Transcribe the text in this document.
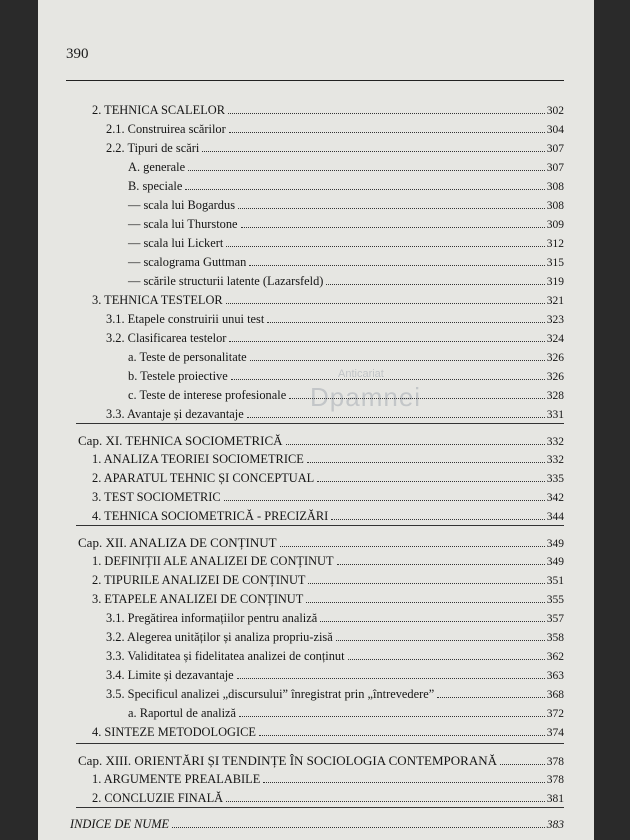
390
Anticariat
Dpamnei
2. TEHNICA SCALELOR	302
2.1. Construirea scărilor	304
2.2. Tipuri de scări	307
A. generale	307
B. speciale	308
— scala lui Bogardus	308
— scala lui Thurstone	309
— scala lui Lickert	312
— scalograma Guttman	315
— scările structurii latente (Lazarsfeld)	319
3. TEHNICA TESTELOR	321
3.1. Etapele construirii unui test	323
3.2. Clasificarea testelor	324
a. Teste de personalitate	326
b. Testele proiective	326
c. Teste de interese profesionale	328
3.3. Avantaje și dezavantaje	331
Cap. XI. TEHNICA SOCIOMETRICĂ	332
1. ANALIZA TEORIEI SOCIOMETRICE	332
2. APARATUL TEHNIC ȘI CONCEPTUAL	335
3. TEST SOCIOMETRIC	342
4. TEHNICA SOCIOMETRICĂ - PRECIZĂRI	344
Cap. XII. ANALIZA DE CONȚINUT	349
1. DEFINIȚII ALE ANALIZEI DE CONȚINUT	349
2. TIPURILE ANALIZEI DE CONȚINUT	351
3. ETAPELE ANALIZEI DE CONȚINUT	355
3.1. Pregătirea informațiilor pentru analiză	357
3.2. Alegerea unităților și analiza propriu-zisă	358
3.3. Validitatea și fidelitatea analizei de conținut	362
3.4. Limite și dezavantaje	363
3.5. Specificul analizei „discursului” înregistrat prin „întrevedere”	368
a. Raportul de analiză	372
4. SINTEZE METODOLOGICE	374
Cap. XIII. ORIENTĂRI ȘI TENDINȚE ÎN SOCIOLOGIA CONTEMPORANĂ	378
1. ARGUMENTE PREALABILE	378
2. CONCLUZIE FINALĂ	381
INDICE DE NUME	383
